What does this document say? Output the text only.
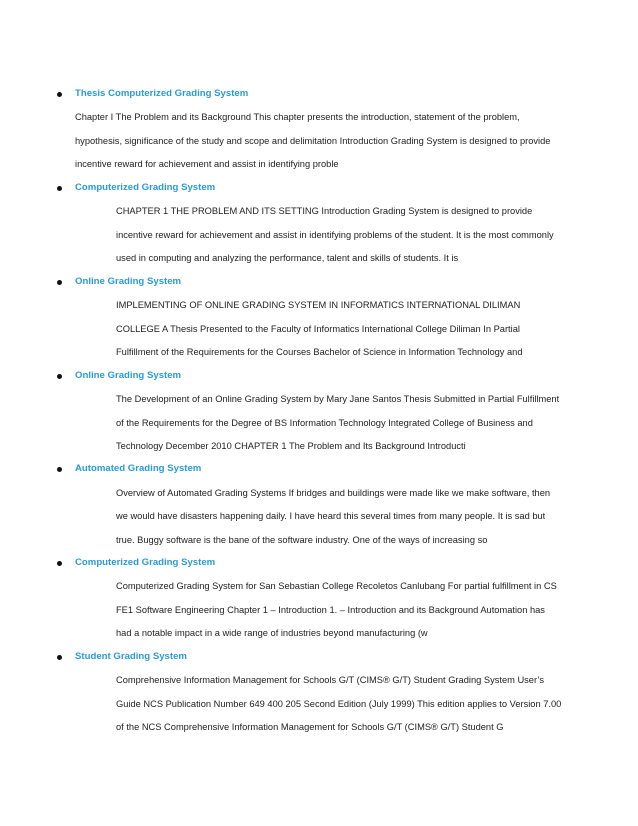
Thesis Computerized Grading System
Chapter I The Problem and its Background This chapter presents the introduction, statement of the problem,
hypothesis, significance of the study and scope and delimitation Introduction Grading System is designed to provide
incentive reward for achievement and assist in identifying proble
Computerized Grading System
CHAPTER 1 THE PROBLEM AND ITS SETTING Introduction Grading System is designed to provide
incentive reward for achievement and assist in identifying problems of the student. It is the most commonly
used in computing and analyzing the performance, talent and skills of students. It is
Online Grading System
IMPLEMENTING OF ONLINE GRADING SYSTEM IN INFORMATICS INTERNATIONAL DILIMAN
COLLEGE A Thesis Presented to the Faculty of Informatics International College Diliman In Partial
Fulfillment of the Requirements for the Courses Bachelor of Science in Information Technology and
Online Grading System
The Development of an Online Grading System by Mary Jane Santos Thesis Submitted in Partial Fulfillment
of the Requirements for the Degree of BS Information Technology Integrated College of Business and
Technology December 2010 CHAPTER 1 The Problem and Its Background Introducti
Automated Grading System
Overview of Automated Grading Systems If bridges and buildings were made like we make software, then
we would have disasters happening daily. I have heard this several times from many people. It is sad but
true. Buggy software is the bane of the software industry. One of the ways of increasing so
Computerized Grading System
Computerized Grading System for San Sebastian College Recoletos Canlubang For partial fulfillment in CS
FE1 Software Engineering Chapter 1 – Introduction 1. – Introduction and its Background Automation has
had a notable impact in a wide range of industries beyond manufacturing (w
Student Grading System
Comprehensive Information Management for Schools G/T (CIMS® G/T) Student Grading System User’s
Guide NCS Publication Number 649 400 205 Second Edition (July 1999) This edition applies to Version 7.00
of the NCS Comprehensive Information Management for Schools G/T (CIMS® G/T) Student G
